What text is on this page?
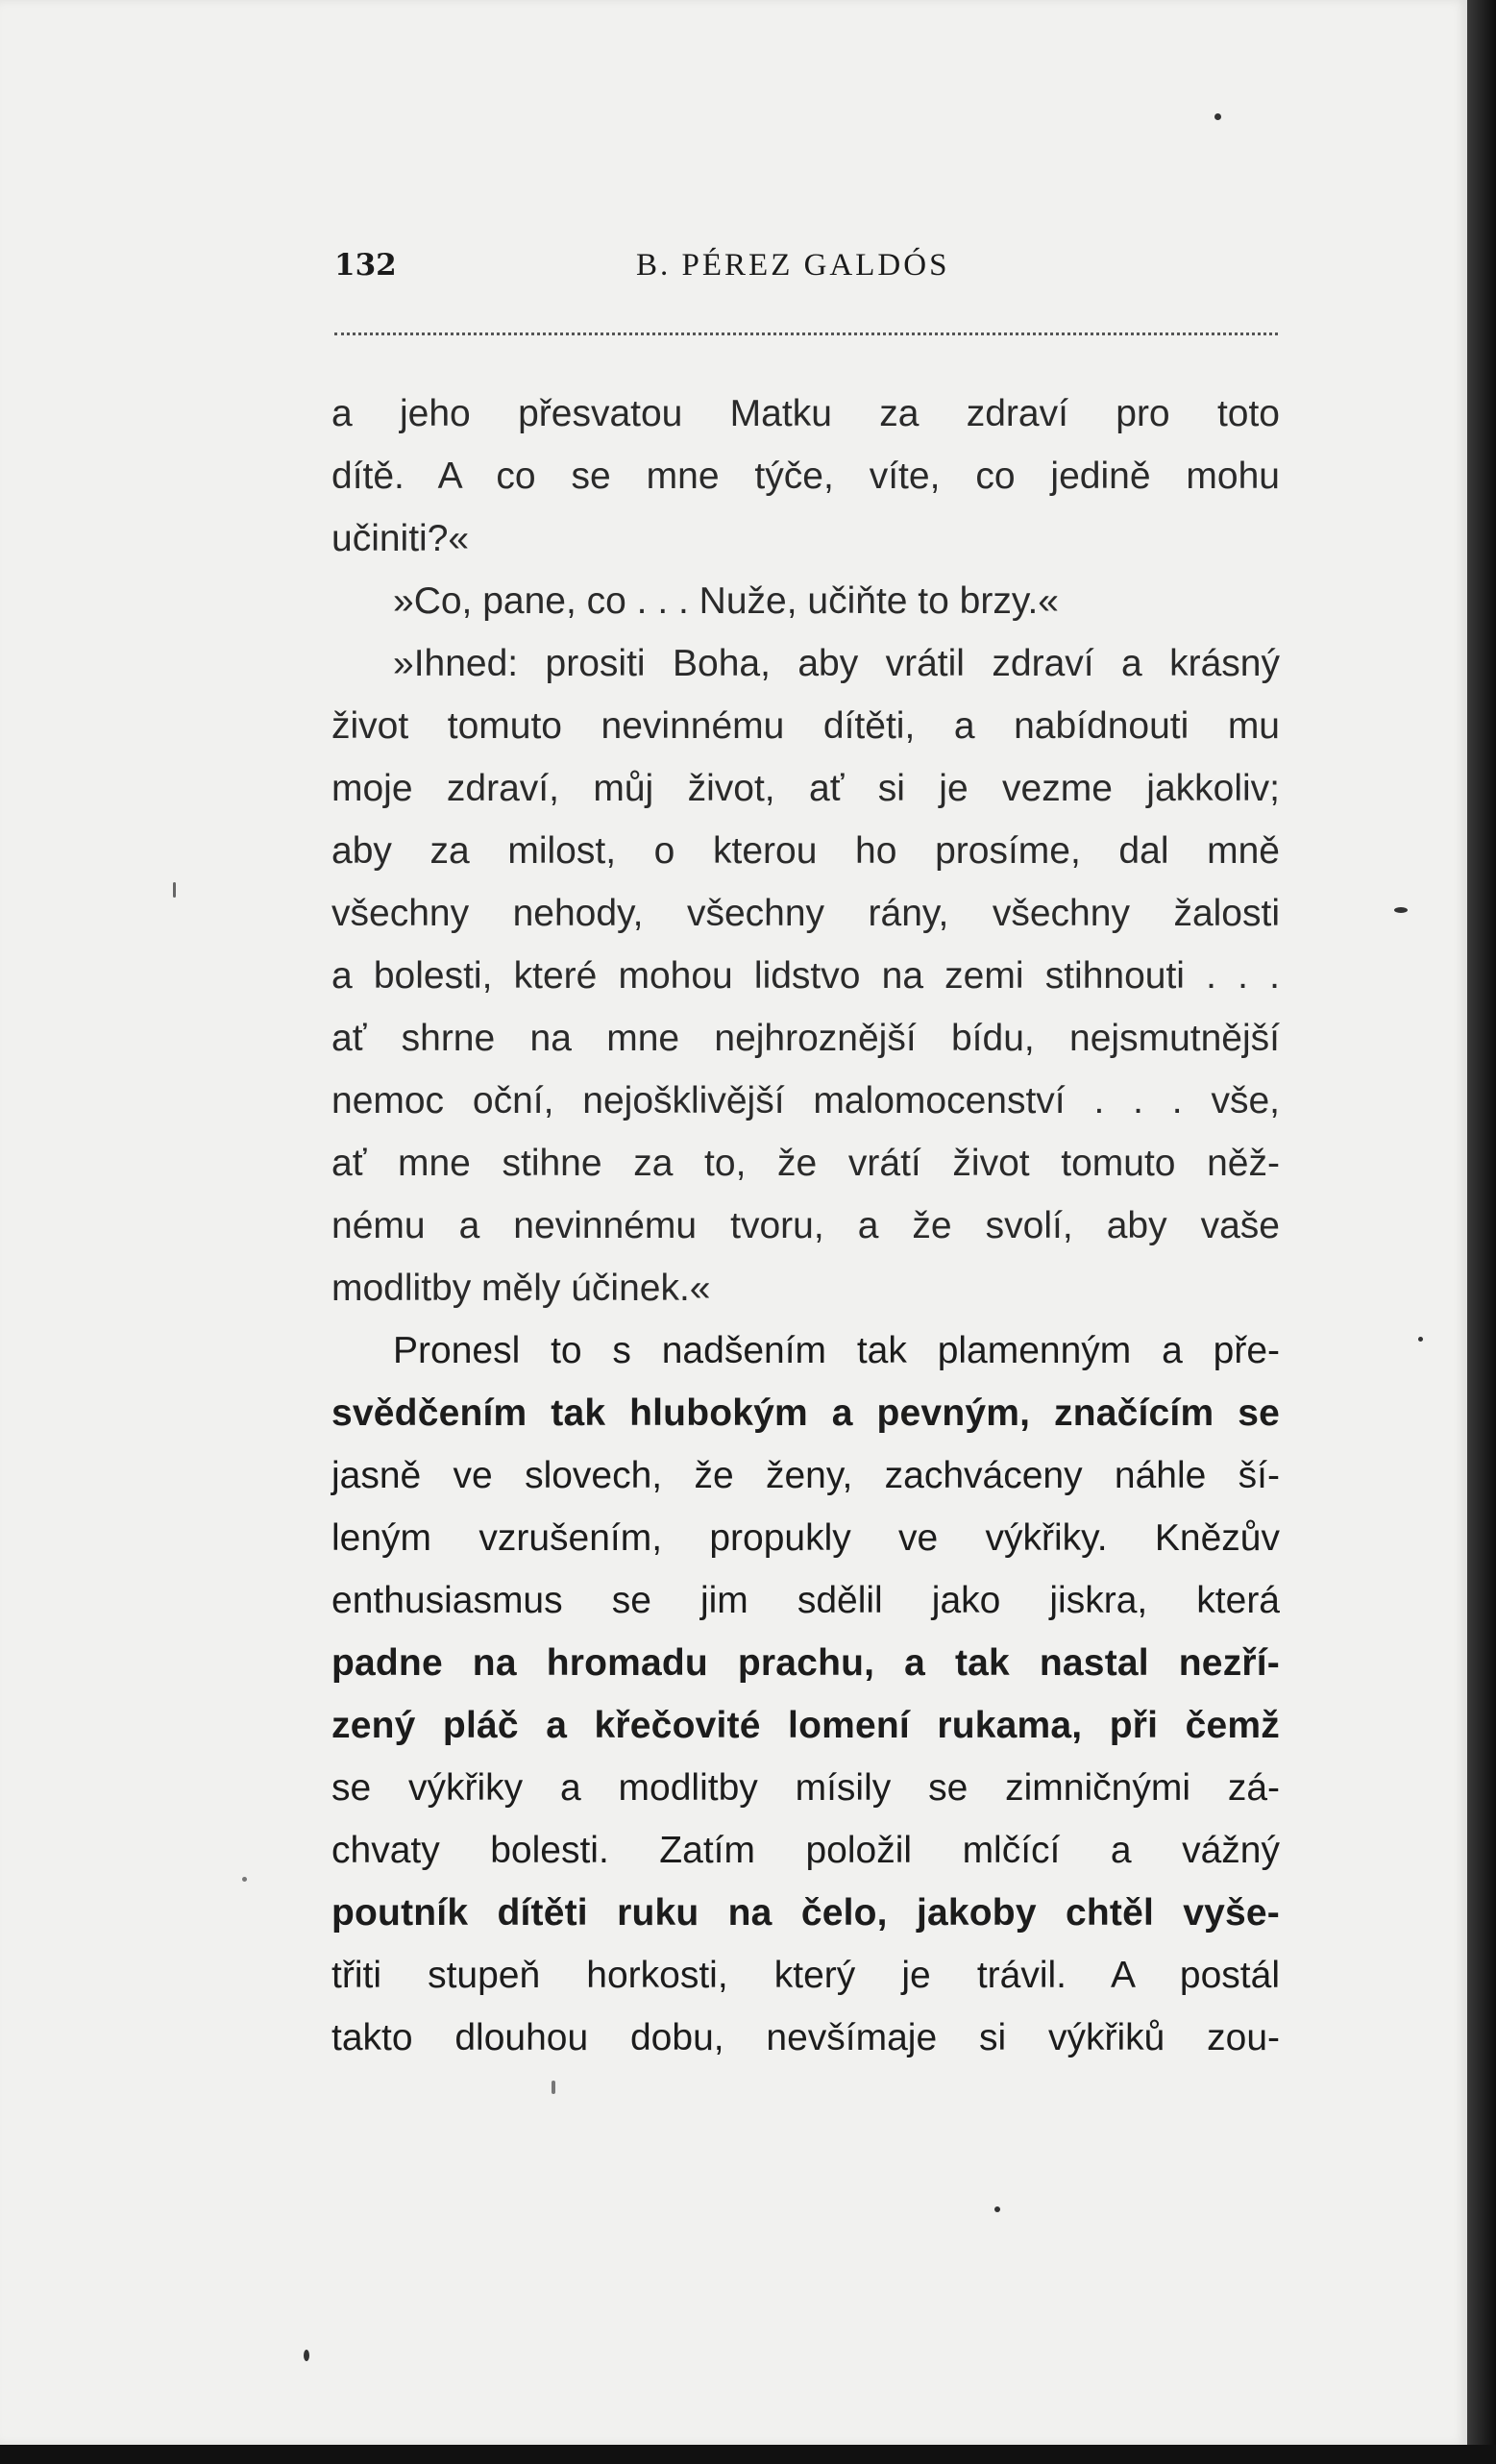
132	B. PÉREZ GALDÓS
a jeho přesvatou Matku za zdraví pro toto
dítě. A co se mne týče, víte, co jedině mohu
učiniti?«
»Co, pane, co . . . Nuže, učiňte to brzy.«
»Ihned: prositi Boha, aby vrátil zdraví a krásný
život tomuto nevinnému dítěti, a nabídnouti mu
moje zdraví, můj život, ať si je vezme jakkoliv;
aby za milost, o kterou ho prosíme, dal mně
všechny nehody, všechny rány, všechny žalosti
a bolesti, které mohou lidstvo na zemi stihnouti . . .
ať shrne na mne nejhroznější bídu, nejsmutnější
nemoc oční, nejošklivější malomocenství . . . vše,
ať mne stihne za to, že vrátí život tomuto něž-
nému a nevinnému tvoru, a že svolí, aby vaše
modlitby měly účinek.«
Pronesl to s nadšením tak plamenným a pře-
svědčením tak hlubokým a pevným, značícím se
jasně ve slovech, že ženy, zachváceny náhle ší-
leným vzrušením, propukly ve výkřiky. Knězův
enthusiasmus se jim sdělil jako jiskra, která
padne na hromadu prachu, a tak nastal nezří-
zený pláč a křečovité lomení rukama, při čemž
se výkřiky a modlitby mísily se zimničnými zá-
chvaty bolesti. Zatím položil mlčící a vážný
poutník dítěti ruku na čelo, jakoby chtěl vyše-
třiti stupeň horkosti, který je trávil. A postál
takto dlouhou dobu, nevšímaje si výkřiků zou-
